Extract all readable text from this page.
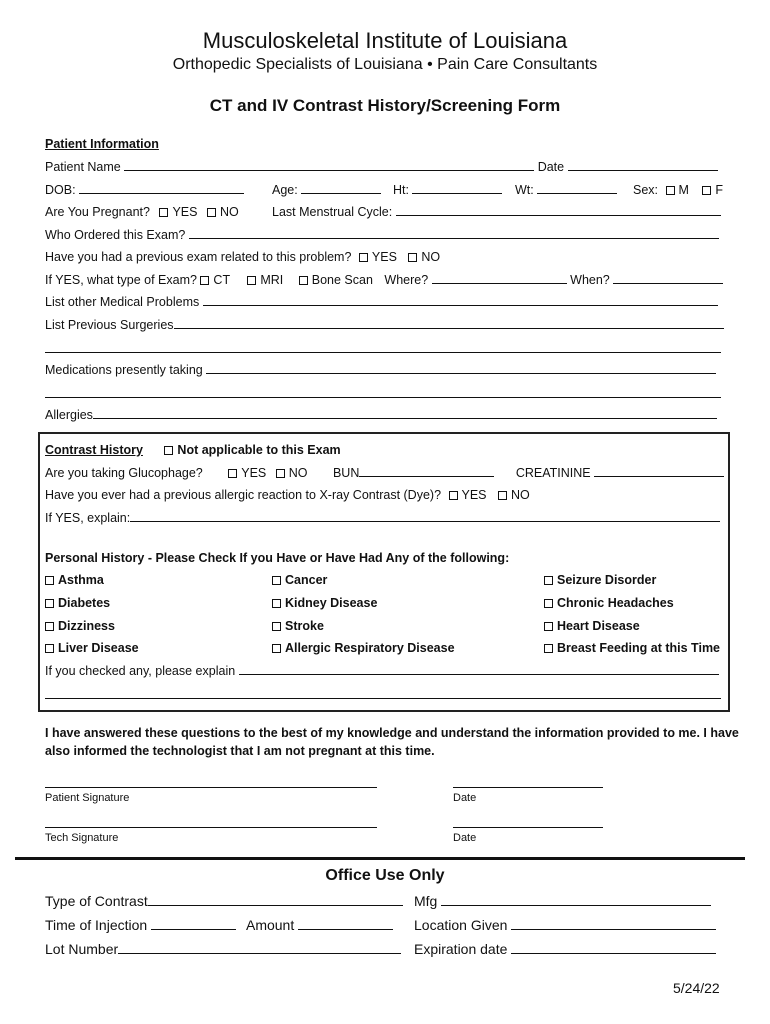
Musculoskeletal Institute of Louisiana
Orthopedic Specialists of Louisiana • Pain Care Consultants
CT and IV Contrast History/Screening Form
Patient Information
Patient Name	Date
DOB:	Age:	Ht:	Wt:	Sex: M F
Are You Pregnant? YES NO	Last Menstrual Cycle:
Who Ordered this Exam?
Have you had a previous exam related to this problem? YES NO
If YES, what type of Exam? CT MRI Bone Scan Where?	When?
List other Medical Problems
List Previous Surgeries
Medications presently taking
Allergies
Contrast History	Not applicable to this Exam
Are you taking Glucophage?	YES NO BUN	CREATININE
Have you ever had a previous allergic reaction to X-ray Contrast (Dye)? YES NO
If YES, explain:
Personal History - Please Check If you Have or Have Had Any of the following:
Asthma	Cancer	Seizure Disorder
Diabetes	Kidney Disease	Chronic Headaches
Dizziness	Stroke	Heart Disease
Liver Disease	Allergic Respiratory Disease	Breast Feeding at this Time
If you checked any, please explain
I have answered these questions to the best of my knowledge and understand the information provided to me. I have
also informed the technologist that I am not pregnant at this time.
Patient Signature	Date
Tech Signature	Date
Office Use Only
Type of Contrast	Mfg
Time of Injection	Amount	Location Given
Lot Number	Expiration date
5/24/22
